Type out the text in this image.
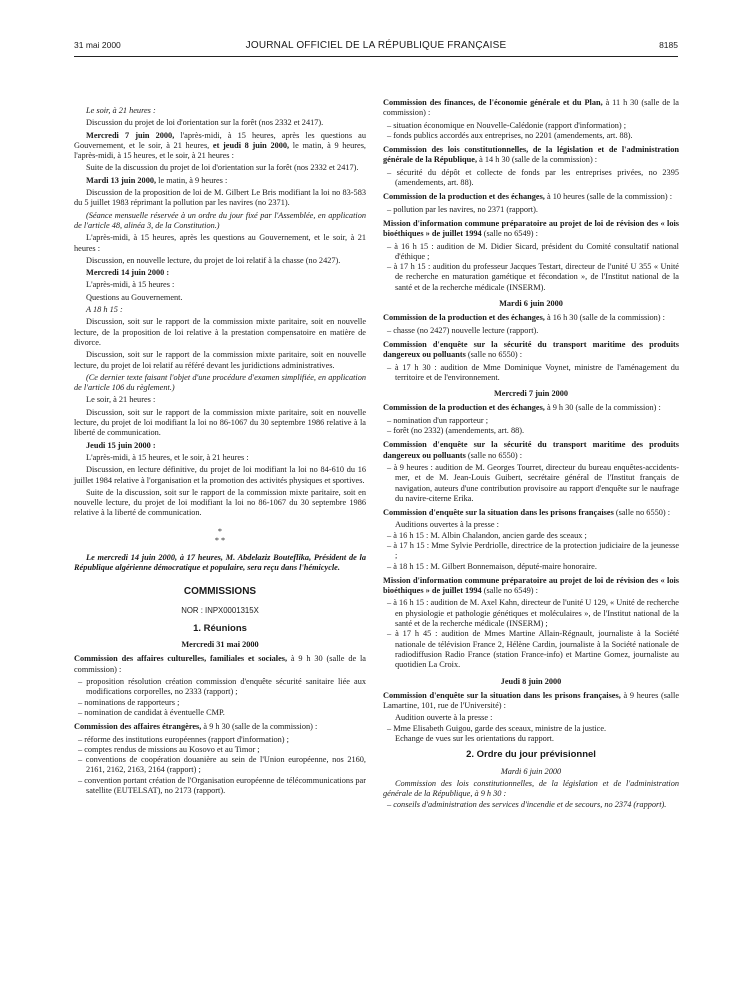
31 mai 2000	JOURNAL OFFICIEL DE LA RÉPUBLIQUE FRANÇAISE	8185

Le soir, à 21 heures :

Discussion du projet de loi d'orientation sur la forêt (nos 2332 et 2417).

Mercredi 7 juin 2000, l'après-midi, à 15 heures, après les questions au Gouvernement, et le soir, à 21 heures, et jeudi 8 juin 2000, le matin, à 9 heures, l'après-midi, à 15 heures, et le soir, à 21 heures :

Suite de la discussion du projet de loi d'orientation sur la forêt (nos 2332 et 2417).

Mardi 13 juin 2000, le matin, à 9 heures :

Discussion de la proposition de loi de M. Gilbert Le Bris modifiant la loi no 83-583 du 5 juillet 1983 réprimant la pollution par les navires (no 2371).

(Séance mensuelle réservée à un ordre du jour fixé par l'Assemblée, en application de l'article 48, alinéa 3, de la Constitution.)

L'après-midi, à 15 heures, après les questions au Gouvernement, et le soir, à 21 heures :

Discussion, en nouvelle lecture, du projet de loi relatif à la chasse (no 2427).

Mercredi 14 juin 2000 :

L'après-midi, à 15 heures :

Questions au Gouvernement.

A 18 h 15 :

Discussion, soit sur le rapport de la commission mixte paritaire, soit en nouvelle lecture, de la proposition de loi relative à la prestation compensatoire en matière de divorce.

Discussion, soit sur le rapport de la commission mixte paritaire, soit en nouvelle lecture, du projet de loi relatif au référé devant les juridictions administratives.

(Ce dernier texte faisant l'objet d'une procédure d'examen simplifiée, en application de l'article 106 du règlement.)

Le soir, à 21 heures :

Discussion, soit sur le rapport de la commission mixte paritaire, soit en nouvelle lecture, du projet de loi modifiant la loi no 86-1067 du 30 septembre 1986 relative à la liberté de communication.

Jeudi 15 juin 2000 :

L'après-midi, à 15 heures, et le soir, à 21 heures :

Discussion, en lecture définitive, du projet de loi modifiant la loi no 84-610 du 16 juillet 1984 relative à l'organisation et la promotion des activités physiques et sportives.

Suite de la discussion, soit sur le rapport de la commission mixte paritaire, soit en nouvelle lecture, du projet de loi modifiant la loi no 86-1067 du 30 septembre 1986 relative à la liberté de communication.

*
* *

Le mercredi 14 juin 2000, à 17 heures, M. Abdelaziz Bouteflika, Président de la République algérienne démocratique et populaire, sera reçu dans l'hémicycle.

COMMISSIONS
NOR : INPX0001315X
1. Réunions

Mercredi 31 mai 2000

Commission des affaires culturelles, familiales et sociales, à 9 h 30 (salle de la commission) :

– proposition résolution création commission d'enquête sécurité sanitaire liée aux modifications corporelles, no 2333 (rapport) ;

– nominations de rapporteurs ;

– nomination de candidat à éventuelle CMP.

Commission des affaires étrangères, à 9 h 30 (salle de la commission) :

– réforme des institutions européennes (rapport d'information) ;

– comptes rendus de missions au Kosovo et au Timor ;

– conventions de coopération douanière au sein de l'Union européenne, nos 2160, 2161, 2162, 2163, 2164 (rapport) ;

– convention portant création de l'Organisation européenne de télécommunications par satellite (EUTELSAT), no 2173 (rapport).

Commission des finances, de l'économie générale et du Plan, à 11 h 30 (salle de la commission) :

– situation économique en Nouvelle-Calédonie (rapport d'information) ;

– fonds publics accordés aux entreprises, no 2201 (amendements, art. 88).

Commission des lois constitutionnelles, de la législation et de l'administration générale de la République, à 14 h 30 (salle de la commission) :

– sécurité du dépôt et collecte de fonds par les entreprises privées, no 2395 (amendements, art. 88).

Commission de la production et des échanges, à 10 heures (salle de la commission) :

– pollution par les navires, no 2371 (rapport).

Mission d'information commune préparatoire au projet de loi de révision des « lois bioéthiques » de juillet 1994 (salle no 6549) :

– à 16 h 15 : audition de M. Didier Sicard, président du Comité consultatif national d'éthique ;

– à 17 h 15 : audition du professeur Jacques Testart, directeur de l'unité U 355 « Unité de recherche en maturation gamétique et fécondation », de l'Institut national de la santé et de la recherche médicale (INSERM).

Mardi 6 juin 2000

Commission de la production et des échanges, à 16 h 30 (salle de la commission) :

– chasse (no 2427) nouvelle lecture (rapport).

Commission d'enquête sur la sécurité du transport maritime des produits dangereux ou polluants (salle no 6550) :

– à 17 h 30 : audition de Mme Dominique Voynet, ministre de l'aménagement du territoire et de l'environnement.

Mercredi 7 juin 2000

Commission de la production et des échanges, à 9 h 30 (salle de la commission) :

– nomination d'un rapporteur ;

– forêt (no 2332) (amendements, art. 88).

Commission d'enquête sur la sécurité du transport maritime des produits dangereux ou polluants (salle no 6550) :

– à 9 heures : audition de M. Georges Tourret, directeur du bureau enquêtes-accidents-mer, et de M. Jean-Louis Guibert, secrétaire général de l'Institut français de navigation, auteurs d'une contribution provisoire au rapport d'enquête sur le naufrage du navire-citerne Erika.

Commission d'enquête sur la situation dans les prisons françaises (salle no 6550) :

Auditions ouvertes à la presse :

– à 16 h 15 : M. Albin Chalandon, ancien garde des sceaux ;

– à 17 h 15 : Mme Sylvie Perdriolle, directrice de la protection judiciaire de la jeunesse ;

– à 18 h 15 : M. Gilbert Bonnemaison, député-maire honoraire.

Mission d'information commune préparatoire au projet de loi de révision des « lois bioéthiques » de juillet 1994 (salle no 6549) :

– à 16 h 15 : audition de M. Axel Kahn, directeur de l'unité U 129, « Unité de recherche en physiologie et pathologie génétiques et moléculaires », de l'Institut national de la santé et de la recherche médicale (INSERM) ;

– à 17 h 45 : audition de Mmes Martine Allain-Régnault, journaliste à la Société nationale de télévision France 2, Hélène Cardin, journaliste à la Société nationale de radiodiffusion Radio France (station France-info) et Martine Gomez, journaliste au quotidien La Croix.

Jeudi 8 juin 2000

Commission d'enquête sur la situation dans les prisons françaises, à 9 heures (salle Lamartine, 101, rue de l'Université) :

Audition ouverte à la presse :

– Mme Elisabeth Guigou, garde des sceaux, ministre de la justice.

Echange de vues sur les orientations du rapport.

2. Ordre du jour prévisionnel

Mardi 6 juin 2000

Commission des lois constitutionnelles, de la législation et de l'administration générale de la République, à 9 h 30 :

– conseils d'administration des services d'incendie et de secours, no 2374 (rapport).
